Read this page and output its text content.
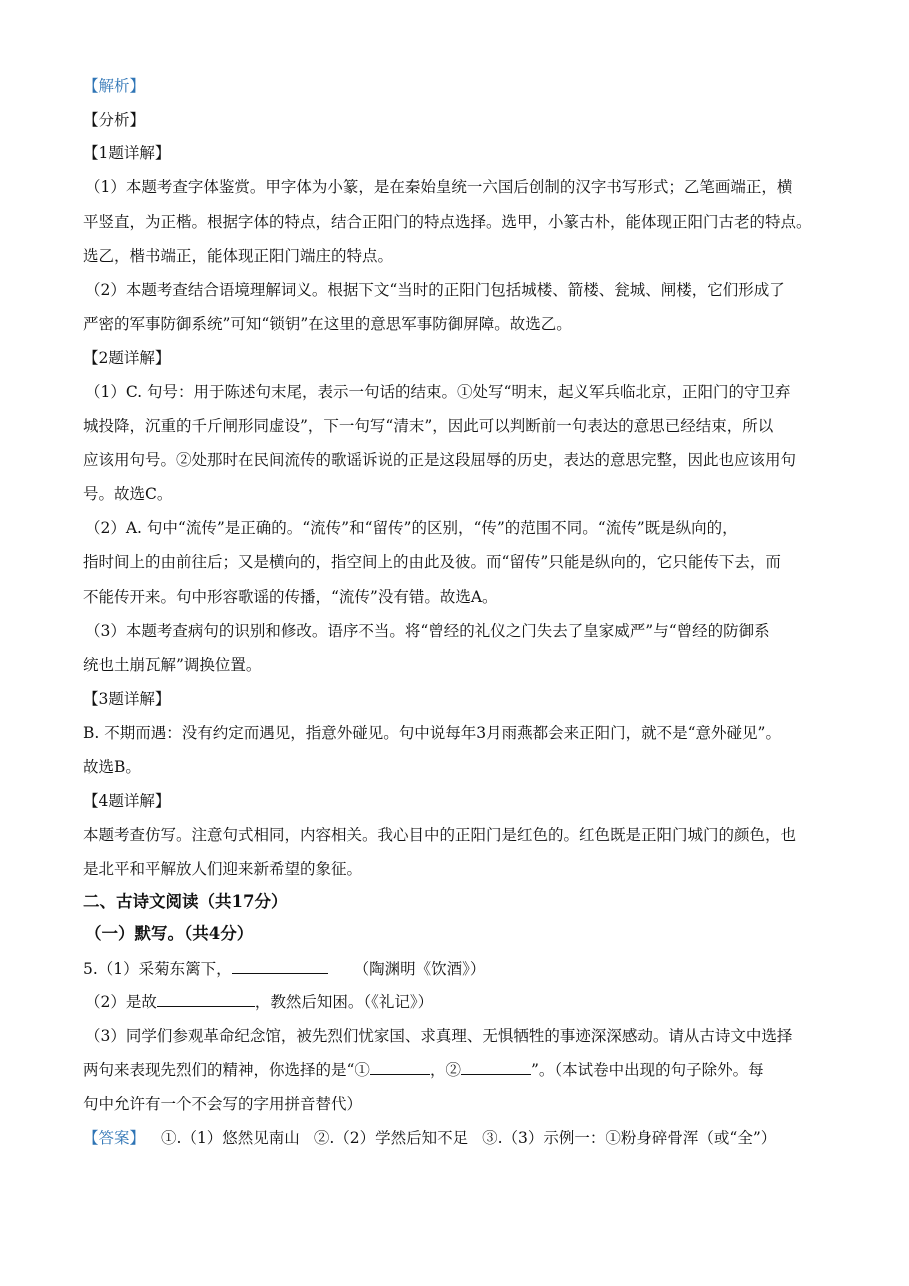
【解析】
【分析】
【1题详解】
（1）本题考查字体鉴赏。甲字体为小篆，是在秦始皇统一六国后创制的汉字书写形式；乙笔画端正，横
平竖直，为正楷。根据字体的特点，结合正阳门的特点选择。选甲，小篆古朴，能体现正阳门古老的特点。
选乙，楷书端正，能体现正阳门端庄的特点。
（2）本题考查结合语境理解词义。根据下文“当时的正阳门包括城楼、箭楼、瓮城、闸楼，它们形成了
严密的军事防御系统”可知“锁钥”在这里的意思军事防御屏障。故选乙。
【2题详解】
（1）C. 句号：用于陈述句末尾，表示一句话的结束。①处写“明末，起义军兵临北京，正阳门的守卫弃
城投降，沉重的千斤闸形同虚设”，下一句写“清末”，因此可以判断前一句表达的意思已经结束，所以
应该用句号。②处那时在民间流传的歌谣诉说的正是这段屈辱的历史，表达的意思完整，因此也应该用句
号。故选C。
（2）A. 句中“流传”是正确的。“流传”和“留传”的区别，“传”的范围不同。“流传”既是纵向的，
指时间上的由前往后；又是横向的，指空间上的由此及彼。而“留传”只能是纵向的，它只能传下去，而
不能传开来。句中形容歌谣的传播，“流传”没有错。故选A。
（3）本题考查病句的识别和修改。语序不当。将“曾经的礼仪之门失去了皇家威严”与“曾经的防御系
统也土崩瓦解”调换位置。
【3题详解】
B. 不期而遇：没有约定而遇见，指意外碰见。句中说每年3月雨燕都会来正阳门，就不是“意外碰见”。
故选B。
【4题详解】
本题考查仿写。注意句式相同，内容相关。我心目中的正阳门是红色的。红色既是正阳门城门的颜色，也
是北平和平解放人们迎来新希望的象征。
二、古诗文阅读（共17分）
（一）默写。（共4分）
5.（1）采菊东篱下，	（陶渊明《饮酒》）
（2）是故	，教然后知困。（《礼记》）
（3）同学们参观革命纪念馆，被先烈们忧家国、求真理、无惧牺牲的事迹深深感动。请从古诗文中选择
两句来表现先烈们的精神，你选择的是“①	，②	”。（本试卷中出现的句子除外。每
句中允许有一个不会写的字用拼音替代）
【答案】 ①.（1）悠然见南山 ②.（2）学然后知不足 ③.（3）示例一：①粉身碎骨浑（或“全”）
